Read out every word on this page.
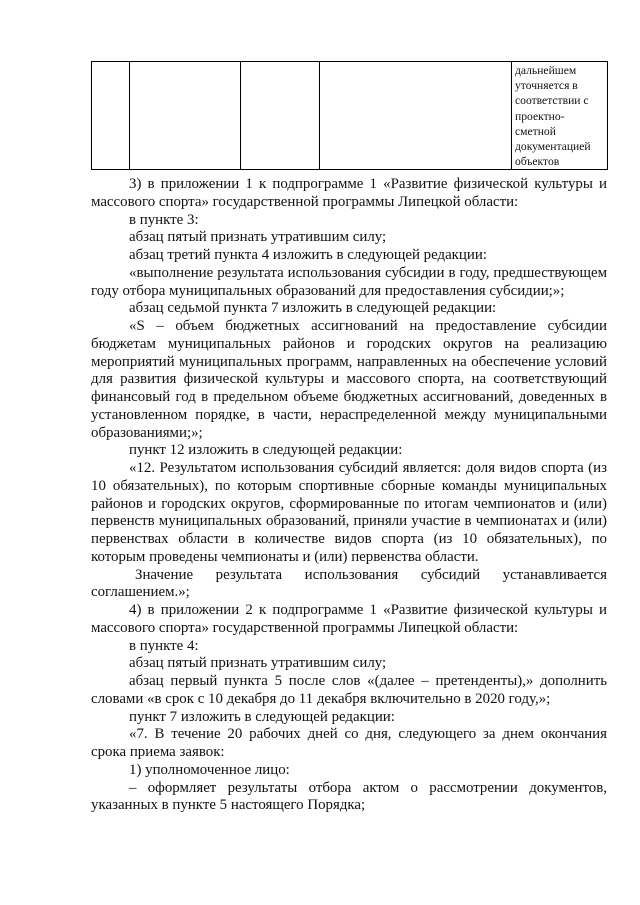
				дальнейшем уточняется в
соответствии с проектно-
сметной документацией
объектов

3) в приложении 1 к подпрограмме 1 «Развитие физической культуры и массового спорта» государственной программы Липецкой области:

в пункте 3:

абзац пятый признать утратившим силу;

абзац третий пункта 4 изложить в следующей редакции:

«выполнение результата использования субсидии в году, предшествующем году отбора муниципальных образований для предоставления субсидии;»;

абзац седьмой пункта 7 изложить в следующей редакции:

«S – объем бюджетных ассигнований на предоставление субсидии бюджетам муниципальных районов и городских округов на реализацию мероприятий муниципальных программ, направленных на обеспечение условий для развития физической культуры и массового спорта, на соответствующий финансовый год в предельном объеме бюджетных ассигнований, доведенных в установленном порядке, в части, нераспределенной между муниципальными образованиями;»;

пункт 12 изложить в следующей редакции:

«12. Результатом использования субсидий является: доля видов спорта (из 10 обязательных), по которым спортивные сборные команды муниципальных районов и городских округов, сформированные по итогам чемпионатов и (или) первенств муниципальных образований, приняли участие в чемпионатах и (или) первенствах области в количестве видов спорта (из 10 обязательных), по которым проведены чемпионаты и (или) первенства области.

Значение результата использования субсидий устанавливается соглашением.»;

4) в приложении 2 к подпрограмме 1 «Развитие физической культуры и массового спорта» государственной программы Липецкой области:

в пункте 4:

абзац пятый признать утратившим силу;

абзац первый пункта 5 после слов «(далее – претенденты),» дополнить словами «в срок с 10 декабря до 11 декабря включительно в 2020 году,»;

пункт 7 изложить в следующей редакции:

«7. В течение 20 рабочих дней со дня, следующего за днем окончания срока приема заявок:

1) уполномоченное лицо:

– оформляет результаты отбора актом о рассмотрении документов, указанных в пункте 5 настоящего Порядка;
